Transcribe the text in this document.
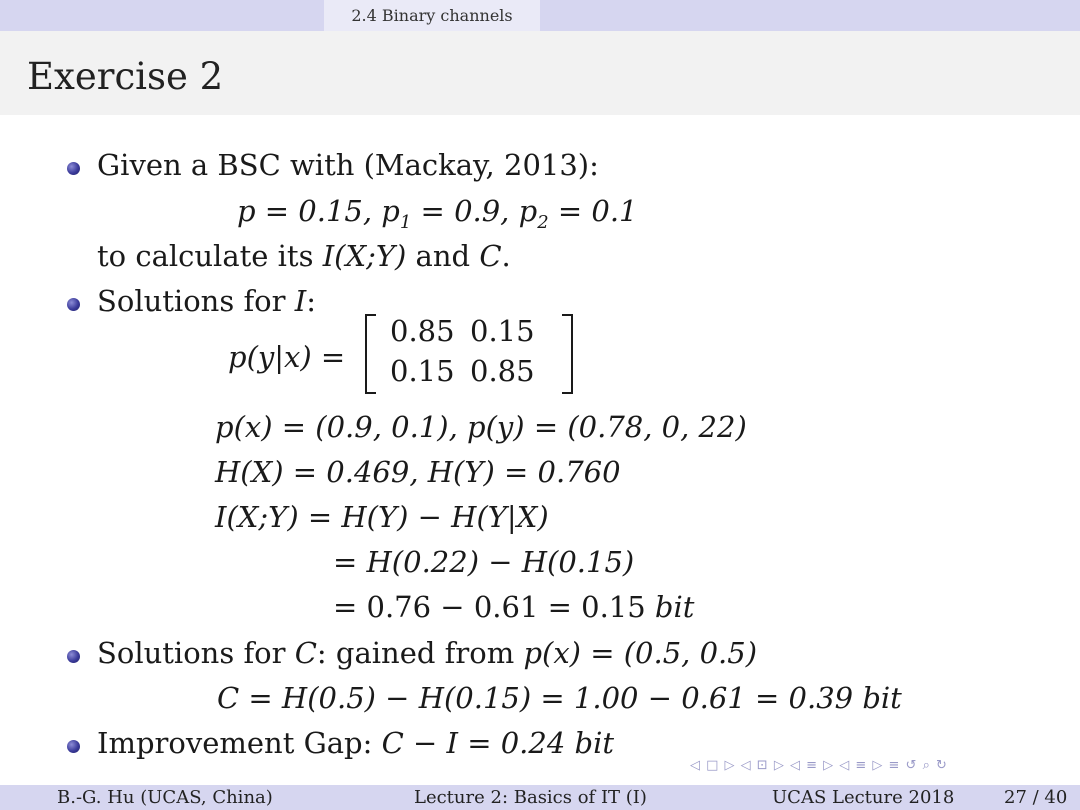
2.4 Binary channels
Exercise 2
Given a BSC with (Mackay, 2013):
p = 0.15, $p_1 = 0.9$, $p_2 = 0.1$
to calculate its I(X;Y) and C.
Solutions for I:
p(y|x) =
0.85 0.15
0.15 0.85
p(x) = (0.9, 0.1), p(y) = (0.78, 0, 22)
H(X) = 0.469, H(Y) = 0.760
I(X;Y) = H(Y) − H(Y|X)
= H(0.22) − H(0.15)
= 0.76 − 0.61 = 0.15 bit
Solutions for C: gained from p(x) = (0.5, 0.5)
C = H(0.5) − H(0.15) = 1.00 − 0.61 = 0.39 bit
Improvement Gap: C − I = 0.24 bit
◁ □ ▷ ◁ ⊡ ▷ ◁ ≡ ▷ ◁ ≡ ▷ ≡ ↺ ⌕ ↻
B.-G. Hu (UCAS, China)	Lecture 2: Basics of IT (I)	UCAS Lecture 2018	27 / 40
